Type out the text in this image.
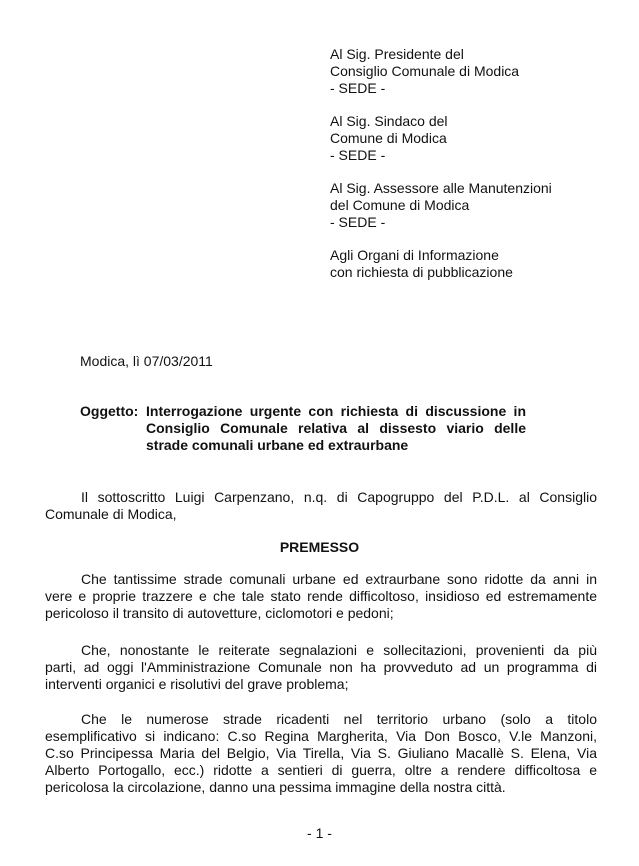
Al Sig. Presidente del
Consiglio Comunale di Modica
- SEDE -
Al Sig. Sindaco del
Comune di Modica
- SEDE -
Al Sig. Assessore alle Manutenzioni
del Comune di Modica
- SEDE -
Agli Organi di Informazione
con richiesta di pubblicazione
Modica, lì 07/03/2011
Oggetto: Interrogazione urgente con richiesta di discussione in
Consiglio Comunale relativa al dissesto viario delle
strade comunali urbane ed extraurbane
Il sottoscritto Luigi Carpenzano, n.q. di Capogruppo del P.D.L. al Consiglio
Comunale di Modica,
PREMESSO
Che tantissime strade comunali urbane ed extraurbane sono ridotte da anni in
vere e proprie trazzere e che tale stato rende difficoltoso, insidioso ed estremamente
pericoloso il transito di autovetture, ciclomotori e pedoni;
Che, nonostante le reiterate segnalazioni e sollecitazioni, provenienti da più
parti, ad oggi l'Amministrazione Comunale non ha provveduto ad un programma di
interventi organici e risolutivi del grave problema;
Che le numerose strade ricadenti nel territorio urbano (solo a titolo
esemplificativo si indicano: C.so Regina Margherita, Via Don Bosco, V.le Manzoni,
C.so Principessa Maria del Belgio, Via Tirella, Via S. Giuliano Macallè S. Elena, Via
Alberto Portogallo, ecc.) ridotte a sentieri di guerra, oltre a rendere difficoltosa e
pericolosa la circolazione, danno una pessima immagine della nostra città.
- 1 -
